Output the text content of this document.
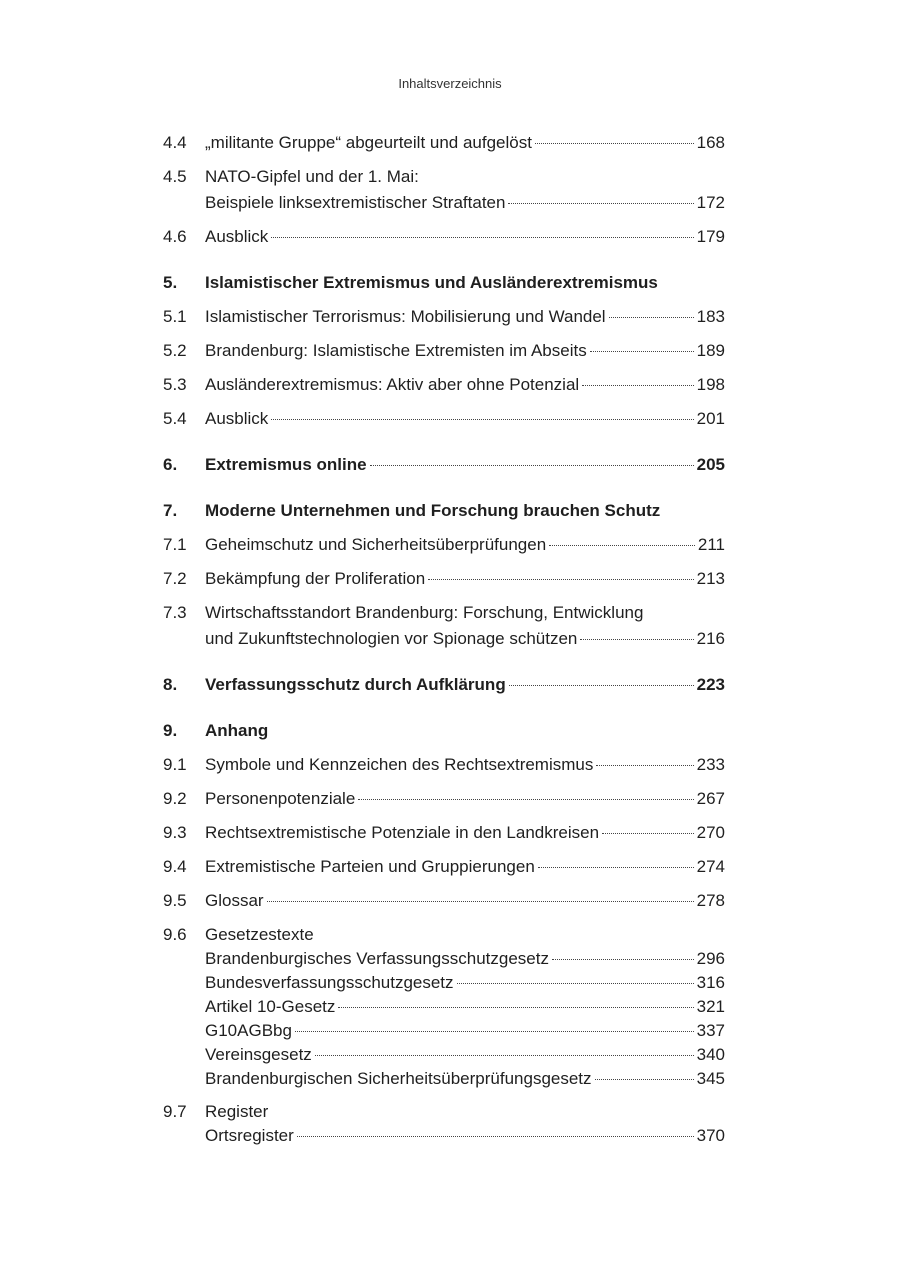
Inhaltsverzeichnis
4.4	„militante Gruppe“ abgeurteilt und aufgelöst	168
4.5	NATO-Gipfel und der 1. Mai:
Beispiele linksextremistischer Straftaten	172
4.6	Ausblick	179
5.	Islamistischer Extremismus und Ausländerextremismus
5.1	Islamistischer Terrorismus: Mobilisierung und Wandel	183
5.2	Brandenburg: Islamistische Extremisten im Abseits	189
5.3	Ausländerextremismus: Aktiv aber ohne Potenzial	198
5.4	Ausblick	201
6.	Extremismus online	205
7.	Moderne Unternehmen und Forschung brauchen Schutz
7.1	Geheimschutz und Sicherheitsüberprüfungen	211
7.2	Bekämpfung der Proliferation	213
7.3	Wirtschaftsstandort Brandenburg: Forschung, Entwicklung
und Zukunftstechnologien vor Spionage schützen	216
8.	Verfassungsschutz durch Aufklärung	223
9.	Anhang
9.1	Symbole und Kennzeichen des Rechtsextremismus	233
9.2	Personenpotenziale	267
9.3	Rechtsextremistische Potenziale in den Landkreisen	270
9.4	Extremistische Parteien und Gruppierungen	274
9.5	Glossar	278
9.6	Gesetzestexte
Brandenburgisches Verfassungsschutzgesetz	296
Bundesverfassungsschutzgesetz	316
Artikel 10-Gesetz	321
G10AGBbg	337
Vereinsgesetz	340
Brandenburgischen Sicherheitsüberprüfungsgesetz	345
9.7	Register
Ortsregister	370
